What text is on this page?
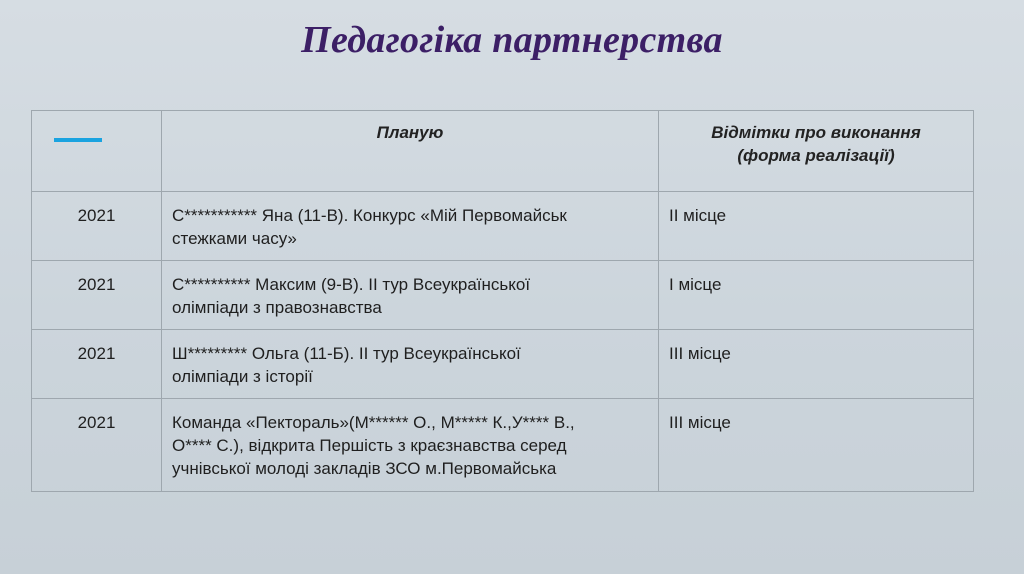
Педагогіка партнерства
	Планую	Відмітки про виконання
(форма реалізації)
2021	С*********** Яна (11-В). Конкурс «Мій Первомайськ
стежками часу»	ІІ місце
2021	С********** Максим (9-В). ІІ тур Всеукраїнської
олімпіади з правознавства	І місце
2021	Ш********* Ольга (11-Б). ІІ тур Всеукраїнської
олімпіади з історії	ІІІ місце
2021	Команда «Пектораль»(М****** О., М***** К.,У**** В.,
О**** С.), відкрита Першість з краєзнавства серед
учнівської молоді закладів ЗСО м.Первомайська	ІІІ місце
